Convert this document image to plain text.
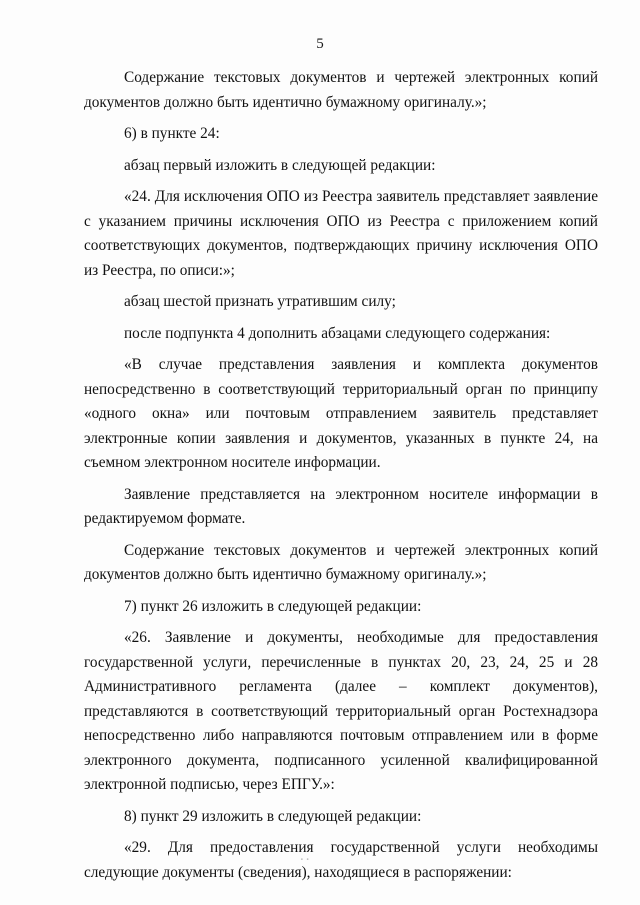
5

Содержание текстовых документов и чертежей электронных копий документов должно быть идентично бумажному оригиналу.»;

6) в пункте 24:

абзац первый изложить в следующей редакции:

«24. Для исключения ОПО из Реестра заявитель представляет заявление с указанием причины исключения ОПО из Реестра с приложением копий соответствующих документов, подтверждающих причину исключения ОПО из Реестра, по описи:»;

абзац шестой признать утратившим силу;

после подпункта 4 дополнить абзацами следующего содержания:

«В случае представления заявления и комплекта документов непосредственно в соответствующий территориальный орган по принципу «одного окна» или почтовым отправлением заявитель представляет электронные копии заявления и документов, указанных в пункте 24, на съемном электронном носителе информации.

Заявление представляется на электронном носителе информации в редактируемом формате.

Содержание текстовых документов и чертежей электронных копий документов должно быть идентично бумажному оригиналу.»;

7) пункт 26 изложить в следующей редакции:

«26. Заявление и документы, необходимые для предоставления государственной услуги, перечисленные в пунктах 20, 23, 24, 25 и 28 Административного регламента (далее – комплект документов), представляются в соответствующий территориальный орган Ростехнадзора непосредственно либо направляются почтовым отправлением или в форме электронного документа, подписанного усиленной квалифицированной электронной подписью, через ЕПГУ.»:

8) пункт 29 изложить в следующей редакции:

«29. Для предоставления государственной услуги необходимы следующие документы (сведения), находящиеся в распоряжении:

∙∙
